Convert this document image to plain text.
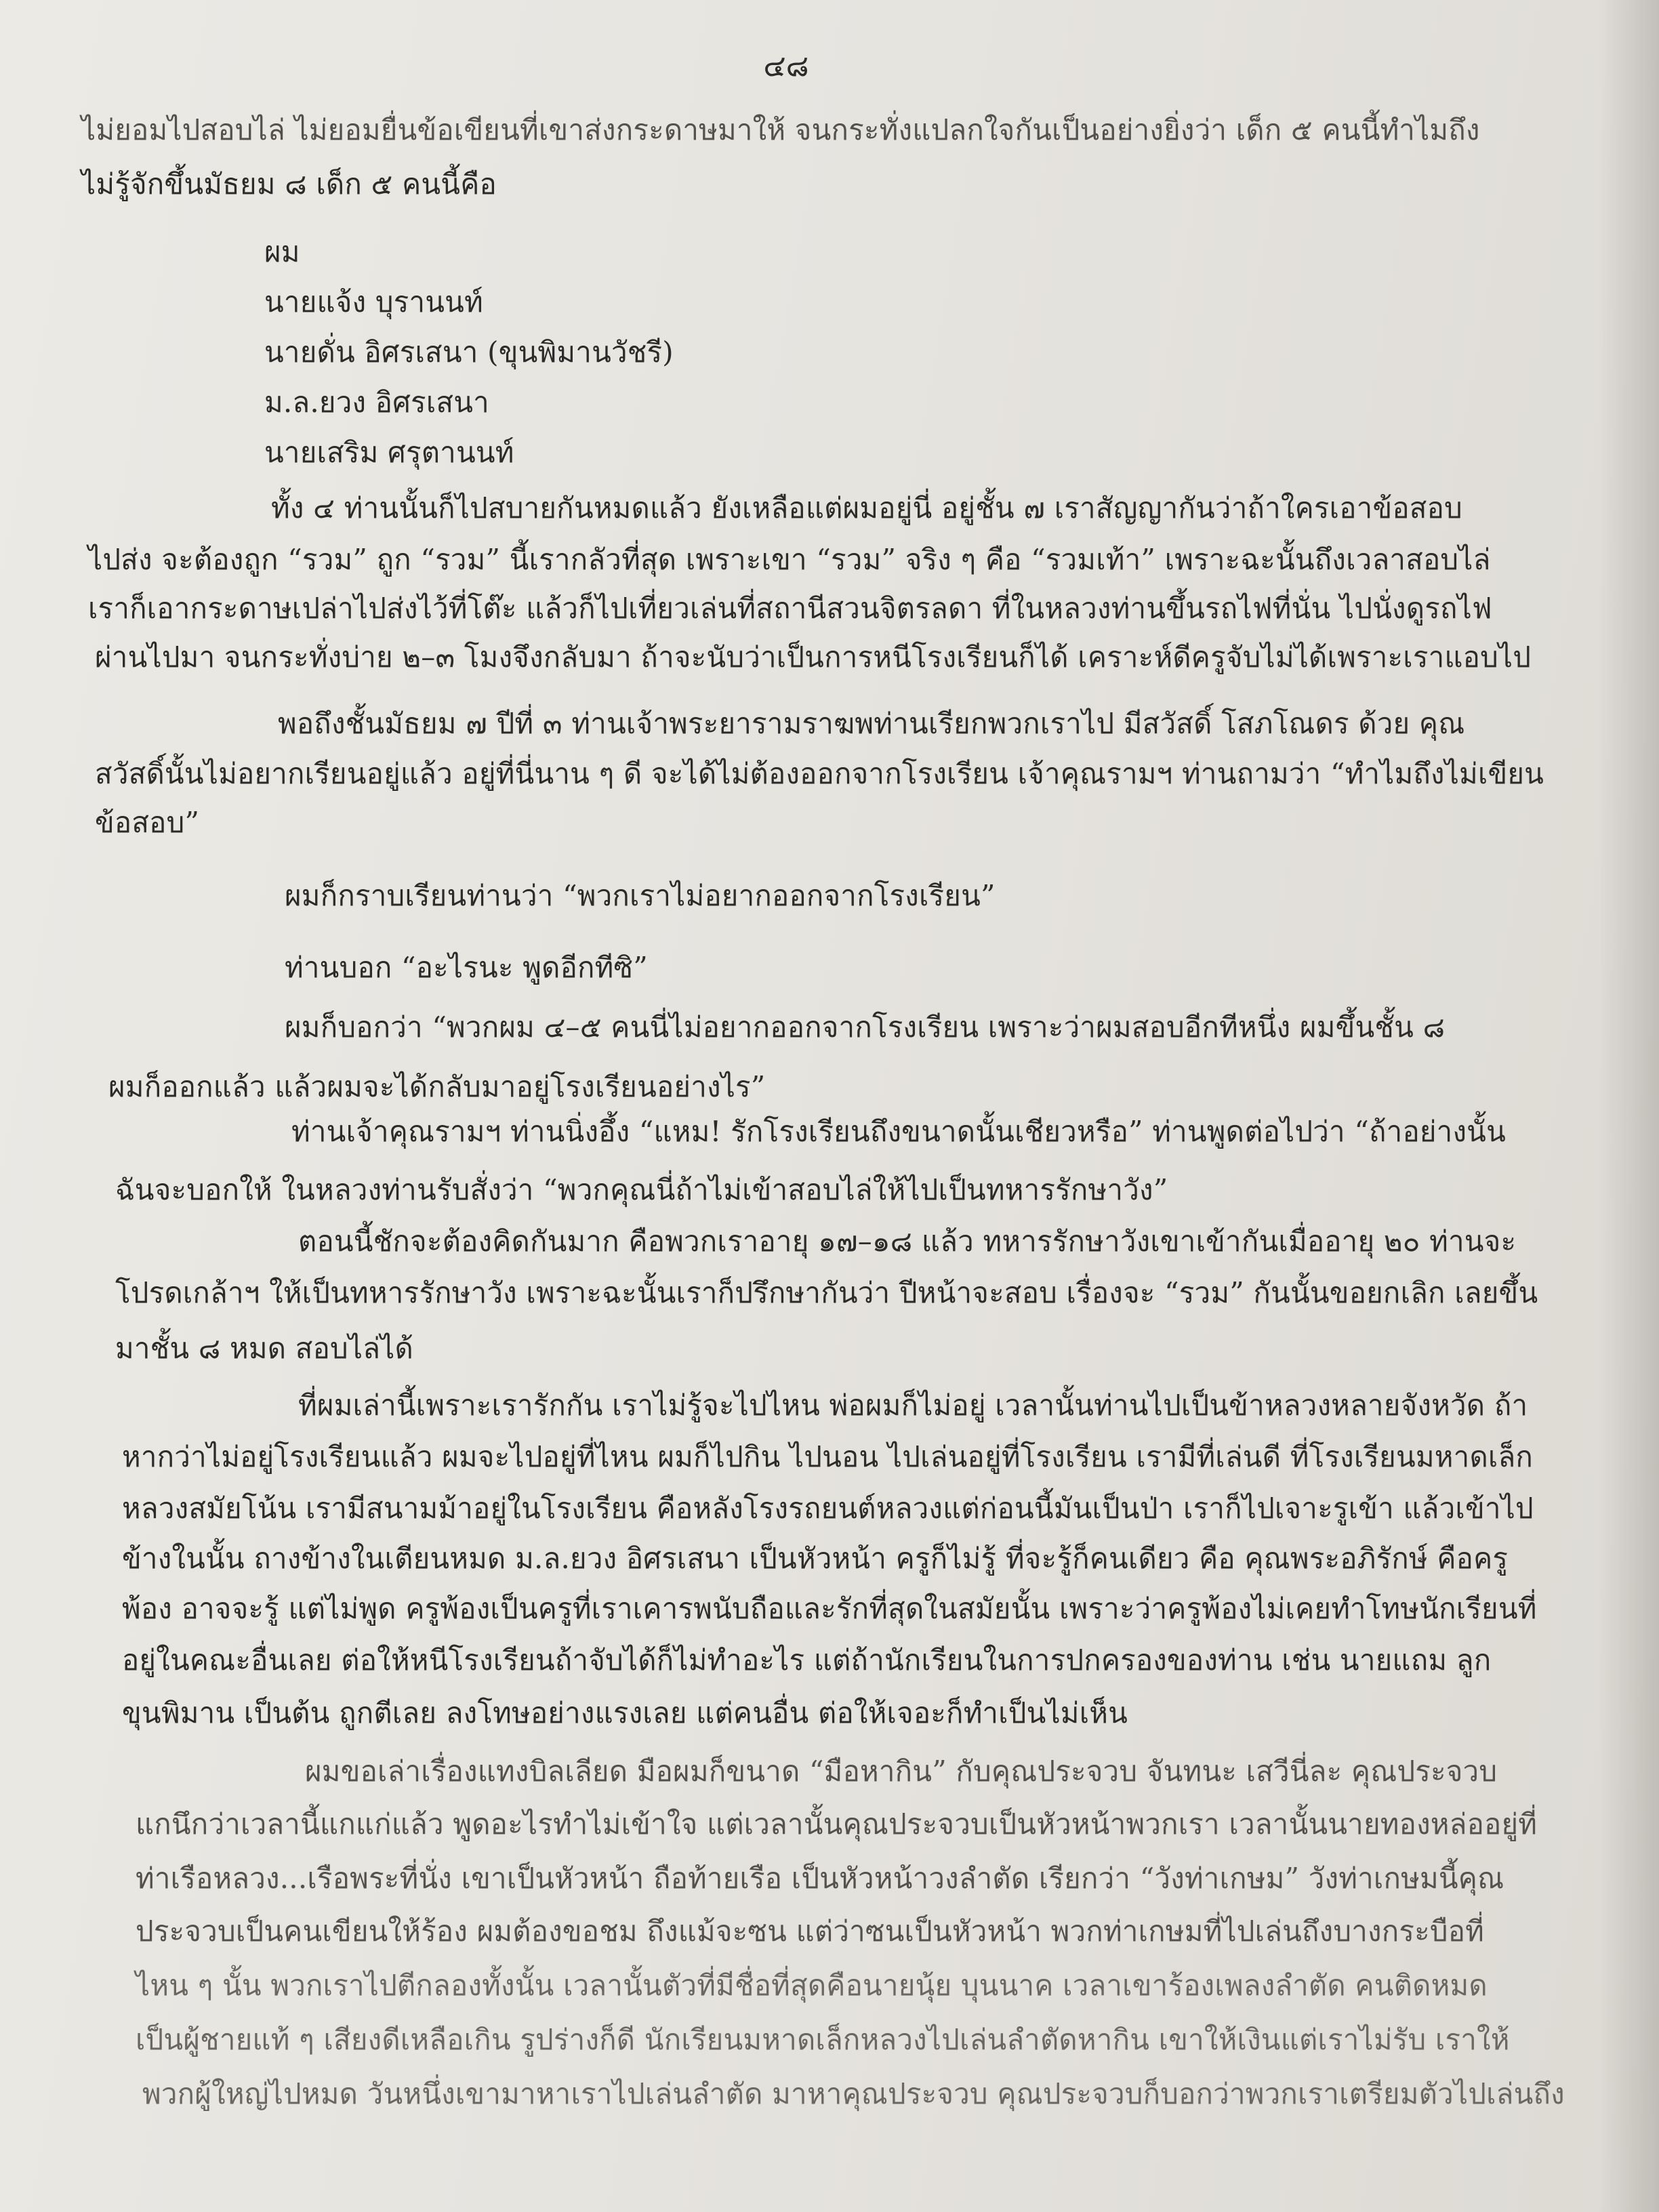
๔๘
ไม่ยอมไปสอบไล่ ไม่ยอมยื่นข้อเขียนที่เขาส่งกระดาษมาให้ จนกระทั่งแปลกใจกันเป็นอย่างยิ่งว่า เด็ก ๕ คนนี้ทำไมถึง
ไม่รู้จักขึ้นมัธยม ๘ เด็ก ๕ คนนี้คือ
ผม
นายแจ้ง บุรานนท์
นายดั่น อิศรเสนา (ขุนพิมานวัชรี)
ม.ล.ยวง อิศรเสนา
นายเสริม ศรุตานนท์
ทั้ง ๔ ท่านนั้นก็ไปสบายกันหมดแล้ว ยังเหลือแต่ผมอยู่นี่ อยู่ชั้น ๗ เราสัญญากันว่าถ้าใครเอาข้อสอบ
ไปส่ง จะต้องถูก “รวม” ถูก “รวม” นี้เรากลัวที่สุด เพราะเขา “รวม” จริง ๆ คือ “รวมเท้า” เพราะฉะนั้นถึงเวลาสอบไล่
เราก็เอากระดาษเปล่าไปส่งไว้ที่โต๊ะ แล้วก็ไปเที่ยวเล่นที่สถานีสวนจิตรลดา ที่ในหลวงท่านขึ้นรถไฟที่นั่น ไปนั่งดูรถไฟ
ผ่านไปมา จนกระทั่งบ่าย ๒–๓ โมงจึงกลับมา ถ้าจะนับว่าเป็นการหนีโรงเรียนก็ได้ เคราะห์ดีครูจับไม่ได้เพราะเราแอบไป
พอถึงชั้นมัธยม ๗ ปีที่ ๓ ท่านเจ้าพระยารามราฆพท่านเรียกพวกเราไป มีสวัสดิ์ โสภโณดร ด้วย คุณ
สวัสดิ์นั้นไม่อยากเรียนอยู่แล้ว อยู่ที่นี่นาน ๆ ดี จะได้ไม่ต้องออกจากโรงเรียน เจ้าคุณรามฯ ท่านถามว่า “ทำไมถึงไม่เขียน
ข้อสอบ”
ผมก็กราบเรียนท่านว่า “พวกเราไม่อยากออกจากโรงเรียน”
ท่านบอก “อะไรนะ พูดอีกทีซิ”
ผมก็บอกว่า “พวกผม ๔–๕ คนนี่ไม่อยากออกจากโรงเรียน เพราะว่าผมสอบอีกทีหนึ่ง ผมขึ้นชั้น ๘
ผมก็ออกแล้ว แล้วผมจะได้กลับมาอยู่โรงเรียนอย่างไร”
ท่านเจ้าคุณรามฯ ท่านนิ่งอึ้ง “แหม! รักโรงเรียนถึงขนาดนั้นเชียวหรือ” ท่านพูดต่อไปว่า “ถ้าอย่างนั้น
ฉันจะบอกให้ ในหลวงท่านรับสั่งว่า “พวกคุณนี่ถ้าไม่เข้าสอบไล่ให้ไปเป็นทหารรักษาวัง”
ตอนนี้ชักจะต้องคิดกันมาก คือพวกเราอายุ ๑๗–๑๘ แล้ว ทหารรักษาวังเขาเข้ากันเมื่ออายุ ๒๐ ท่านจะ
โปรดเกล้าฯ ให้เป็นทหารรักษาวัง เพราะฉะนั้นเราก็ปรึกษากันว่า ปีหน้าจะสอบ เรื่องจะ “รวม” กันนั้นขอยกเลิก เลยขึ้น
มาชั้น ๘ หมด สอบไล่ได้
ที่ผมเล่านี้เพราะเรารักกัน เราไม่รู้จะไปไหน พ่อผมก็ไม่อยู่ เวลานั้นท่านไปเป็นข้าหลวงหลายจังหวัด ถ้า
หากว่าไม่อยู่โรงเรียนแล้ว ผมจะไปอยู่ที่ไหน ผมก็ไปกิน ไปนอน ไปเล่นอยู่ที่โรงเรียน เรามีที่เล่นดี ที่โรงเรียนมหาดเล็ก
หลวงสมัยโน้น เรามีสนามม้าอยู่ในโรงเรียน คือหลังโรงรถยนต์หลวงแต่ก่อนนี้มันเป็นป่า เราก็ไปเจาะรูเข้า แล้วเข้าไป
ข้างในนั้น ถางข้างในเตียนหมด ม.ล.ยวง อิศรเสนา เป็นหัวหน้า ครูก็ไม่รู้ ที่จะรู้ก็คนเดียว คือ คุณพระอภิรักษ์ คือครู
พ้อง อาจจะรู้ แต่ไม่พูด ครูพ้องเป็นครูที่เราเคารพนับถือและรักที่สุดในสมัยนั้น เพราะว่าครูพ้องไม่เคยทำโทษนักเรียนที่
อยู่ในคณะอื่นเลย ต่อให้หนีโรงเรียนถ้าจับได้ก็ไม่ทำอะไร แต่ถ้านักเรียนในการปกครองของท่าน เช่น นายแถม ลูก
ขุนพิมาน เป็นต้น ถูกตีเลย ลงโทษอย่างแรงเลย แต่คนอื่น ต่อให้เจอะก็ทำเป็นไม่เห็น
ผมขอเล่าเรื่องแทงบิลเลียด มือผมก็ขนาด “มือหากิน” กับคุณประจวบ จันทนะ เสวีนี่ละ คุณประจวบ
แกนึกว่าเวลานี้แกแก่แล้ว พูดอะไรทำไม่เข้าใจ แต่เวลานั้นคุณประจวบเป็นหัวหน้าพวกเรา เวลานั้นนายทองหล่ออยู่ที่
ท่าเรือหลวง...เรือพระที่นั่ง เขาเป็นหัวหน้า ถือท้ายเรือ เป็นหัวหน้าวงลำตัด เรียกว่า “วังท่าเกษม” วังท่าเกษมนี้คุณ
ประจวบเป็นคนเขียนให้ร้อง ผมต้องขอชม ถึงแม้จะซน แต่ว่าซนเป็นหัวหน้า พวกท่าเกษมที่ไปเล่นถึงบางกระบือที่
ไหน ๆ นั้น พวกเราไปตีกลองทั้งนั้น เวลานั้นตัวที่มีชื่อที่สุดคือนายนุ้ย บุนนาค เวลาเขาร้องเพลงลำตัด คนติดหมด
เป็นผู้ชายแท้ ๆ เสียงดีเหลือเกิน รูปร่างก็ดี นักเรียนมหาดเล็กหลวงไปเล่นลำตัดหากิน เขาให้เงินแต่เราไม่รับ เราให้
พวกผู้ใหญ่ไปหมด วันหนึ่งเขามาหาเราไปเล่นลำตัด มาหาคุณประจวบ คุณประจวบก็บอกว่าพวกเราเตรียมตัวไปเล่นถึง
